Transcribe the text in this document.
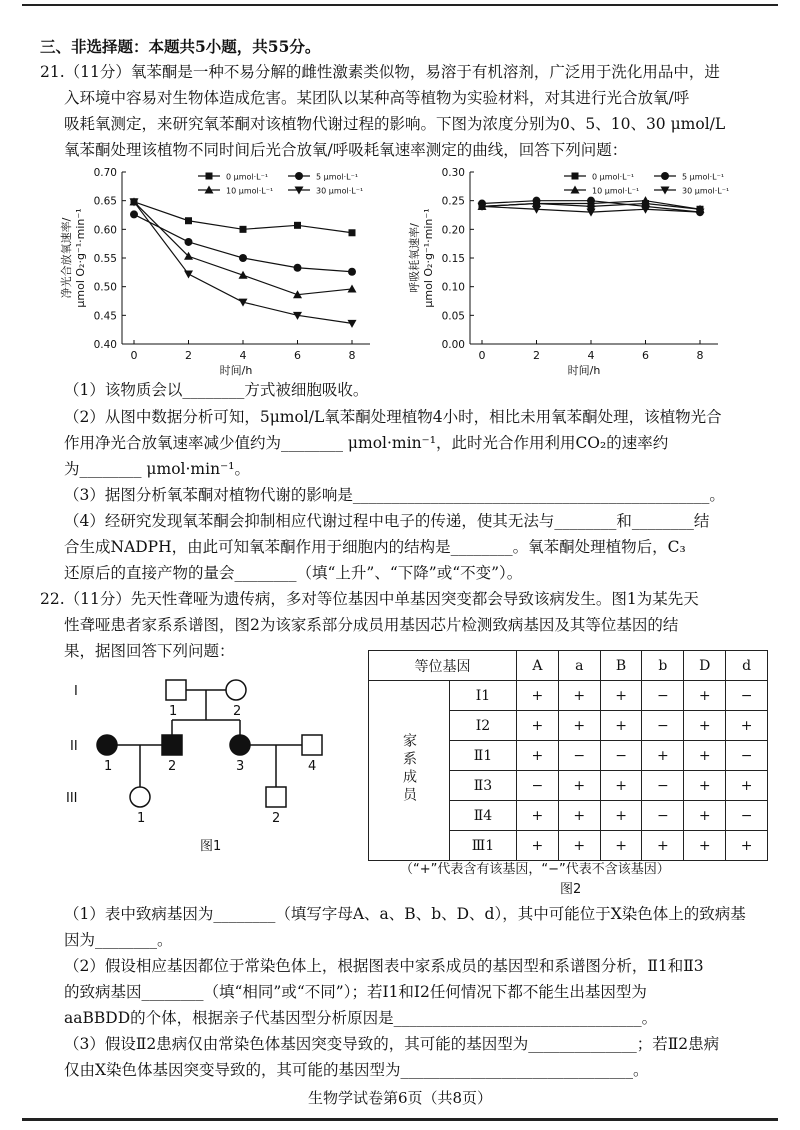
三、非选择题：本题共5小题，共55分。
21.（11分）氧苯酮是一种不易分解的雌性激素类似物，易溶于有机溶剂，广泛用于洗化用品中，进
入环境中容易对生物体造成危害。某团队以某种高等植物为实验材料，对其进行光合放氧/呼
吸耗氧测定，来研究氧苯酮对该植物代谢过程的影响。下图为浓度分别为0、5、10、30 μmol/L
氧苯酮处理该植物不同时间后光合放氧/呼吸耗氧速率测定的曲线，回答下列问题：
0.40
0.45
0.50
0.55
0.60
0.65
0.70
0	2	4	6	8
时间/h
净光合放氧速率/ μmol O₂·g⁻¹·min⁻¹
0 μmol·L⁻¹	5 μmol·L⁻¹
10 μmol·L⁻¹	30 μmol·L⁻¹
0.00
0.05
0.10
0.15
0.20
0.25
0.30
0	2	4	6	8
时间/h
呼吸耗氧速率/ μmol O₂·g⁻¹·min⁻¹
0 μmol·L⁻¹	5 μmol·L⁻¹
10 μmol·L⁻¹	30 μmol·L⁻¹
（1）该物质会以________方式被细胞吸收。
（2）从图中数据分析可知，5μmol/L氧苯酮处理植物4小时，相比未用氧苯酮处理，该植物光合
作用净光合放氧速率减少值约为________ μmol·min⁻¹，此时光合作用利用CO₂的速率约
为________ μmol·min⁻¹。
（3）据图分析氧苯酮对植物代谢的影响是______________________________________________。
（4）经研究发现氧苯酮会抑制相应代谢过程中电子的传递，使其无法与________和________结
合生成NADPH，由此可知氧苯酮作用于细胞内的结构是________。氧苯酮处理植物后，C₃
还原后的直接产物的量会________（填“上升”、“下降”或“不变”）。
22.（11分）先天性聋哑为遗传病，多对等位基因中单基因突变都会导致该病发生。图1为某先天
性聋哑患者家系系谱图，图2为该家系部分成员用基因芯片检测致病基因及其等位基因的结
果，据图回答下列问题：
I
II
III
1	2
1	2	3	4
1	2
图1
等位基因		A	a	B	b	D	d
家系成员	Ⅰ1	+	+	+	−	+	−
	Ⅰ2	+	+	+	−	+	+
	Ⅱ1	+	−	−	+	+	−
	Ⅱ3	−	+	+	−	+	+
	Ⅱ4	+	+	+	−	+	−
	Ⅲ1	+	+	+	+	+	+
（“+”代表含有该基因，“−”代表不含该基因）
图2
（1）表中致病基因为________（填写字母A、a、B、b、D、d），其中可能位于X染色体上的致病基
因为________。
（2）假设相应基因都位于常染色体上，根据图表中家系成员的基因型和系谱图分析，Ⅱ1和Ⅱ3
的致病基因________（填“相同”或“不同”）；若Ⅰ1和Ⅰ2任何情况下都不能生出基因型为
aaBBDD的个体，根据亲子代基因型分析原因是________________________________。
（3）假设Ⅱ2患病仅由常染色体基因突变导致的，其可能的基因型为______________；若Ⅱ2患病
仅由X染色体基因突变导致的，其可能的基因型为______________________________。
生物学试卷第6页（共8页）
